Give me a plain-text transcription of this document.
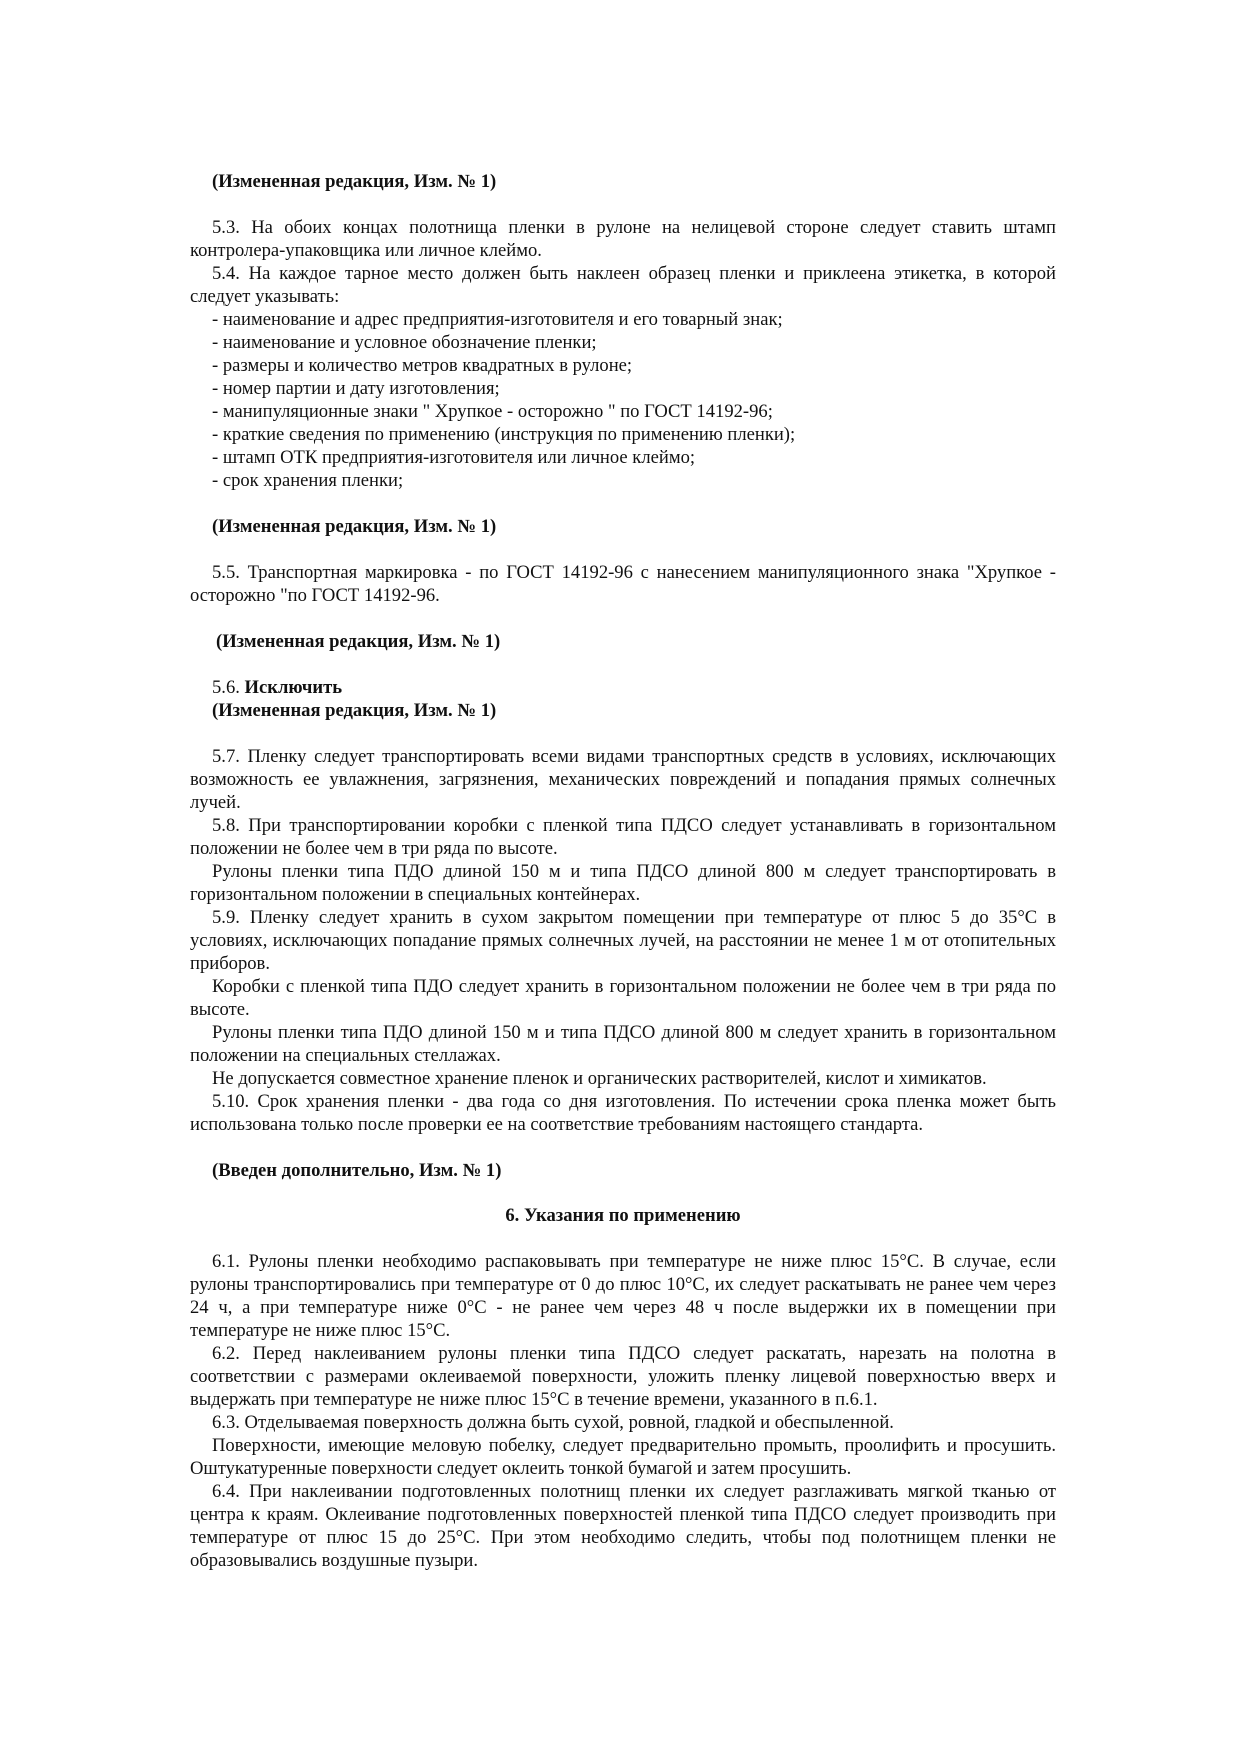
(Измененная редакция, Изм. № 1)

5.3. На обоих концах полотнища пленки в рулоне на нелицевой стороне следует ставить штамп контролера-упаковщика или личное клеймо.

5.4. На каждое тарное место должен быть наклеен образец пленки и приклеена этикетка, в которой следует указывать:

- наименование и адрес предприятия-изготовителя и его товарный знак;

- наименование и условное обозначение пленки;

- размеры и количество метров квадратных в рулоне;

- номер партии и дату изготовления;

- манипуляционные знаки " Хрупкое - осторожно " по ГОСТ 14192-96;

- краткие сведения по применению (инструкция по применению пленки);

- штамп ОТК предприятия-изготовителя или личное клеймо;

- срок хранения пленки;

(Измененная редакция, Изм. № 1)

5.5. Транспортная маркировка - по ГОСТ 14192-96 с нанесением манипуляционного знака "Хрупкое - осторожно "по ГОСТ 14192-96.

(Измененная редакция, Изм. № 1)

5.6. Исключить

(Измененная редакция, Изм. № 1)

5.7. Пленку следует транспортировать всеми видами транспортных средств в условиях, исключающих возможность ее увлажнения, загрязнения, механических повреждений и попадания прямых солнечных лучей.

5.8. При транспортировании коробки с пленкой типа ПДСО следует устанавливать в горизонтальном положении не более чем в три ряда по высоте.

Рулоны пленки типа ПДО длиной 150 м и типа ПДСО длиной 800 м следует транспортировать в горизонтальном положении в специальных контейнерах.

5.9. Пленку следует хранить в сухом закрытом помещении при температуре от плюс 5 до 35°С в условиях, исключающих попадание прямых солнечных лучей, на расстоянии не менее 1 м от отопительных приборов.

Коробки с пленкой типа ПДО следует хранить в горизонтальном положении не более чем в три ряда по высоте.

Рулоны пленки типа ПДО длиной 150 м и типа ПДСО длиной 800 м следует хранить в горизонтальном положении на специальных стеллажах.

Не допускается совместное хранение пленок и органических растворителей, кислот и химикатов.

5.10. Срок хранения пленки - два года со дня изготовления. По истечении срока пленка может быть использована только после проверки ее на соответствие требованиям настоящего стандарта.

(Введен дополнительно, Изм. № 1)

6. Указания по применению

6.1. Рулоны пленки необходимо распаковывать при температуре не ниже плюс 15°С. В случае, если рулоны транспортировались при температуре от 0 до плюс 10°С, их следует раскатывать не ранее чем через 24 ч, а при температуре ниже 0°С - не ранее чем через 48 ч после выдержки их в помещении при температуре не ниже плюс 15°С.

6.2. Перед наклеиванием рулоны пленки типа ПДСО следует раскатать, нарезать на полотна в соответствии с размерами оклеиваемой поверхности, уложить пленку лицевой поверхностью вверх и выдержать при температуре не ниже плюс 15°С в течение времени, указанного в п.6.1.

6.3. Отделываемая поверхность должна быть сухой, ровной, гладкой и обеспыленной.

Поверхности, имеющие меловую побелку, следует предварительно промыть, проолифить и просушить. Оштукатуренные поверхности следует оклеить тонкой бумагой и затем просушить.

6.4. При наклеивании подготовленных полотнищ пленки их следует разглаживать мягкой тканью от центра к краям. Оклеивание подготовленных поверхностей пленкой типа ПДСО следует производить при температуре от плюс 15 до 25°С. При этом необходимо следить, чтобы под полотнищем пленки не образовывались воздушные пузыри.
